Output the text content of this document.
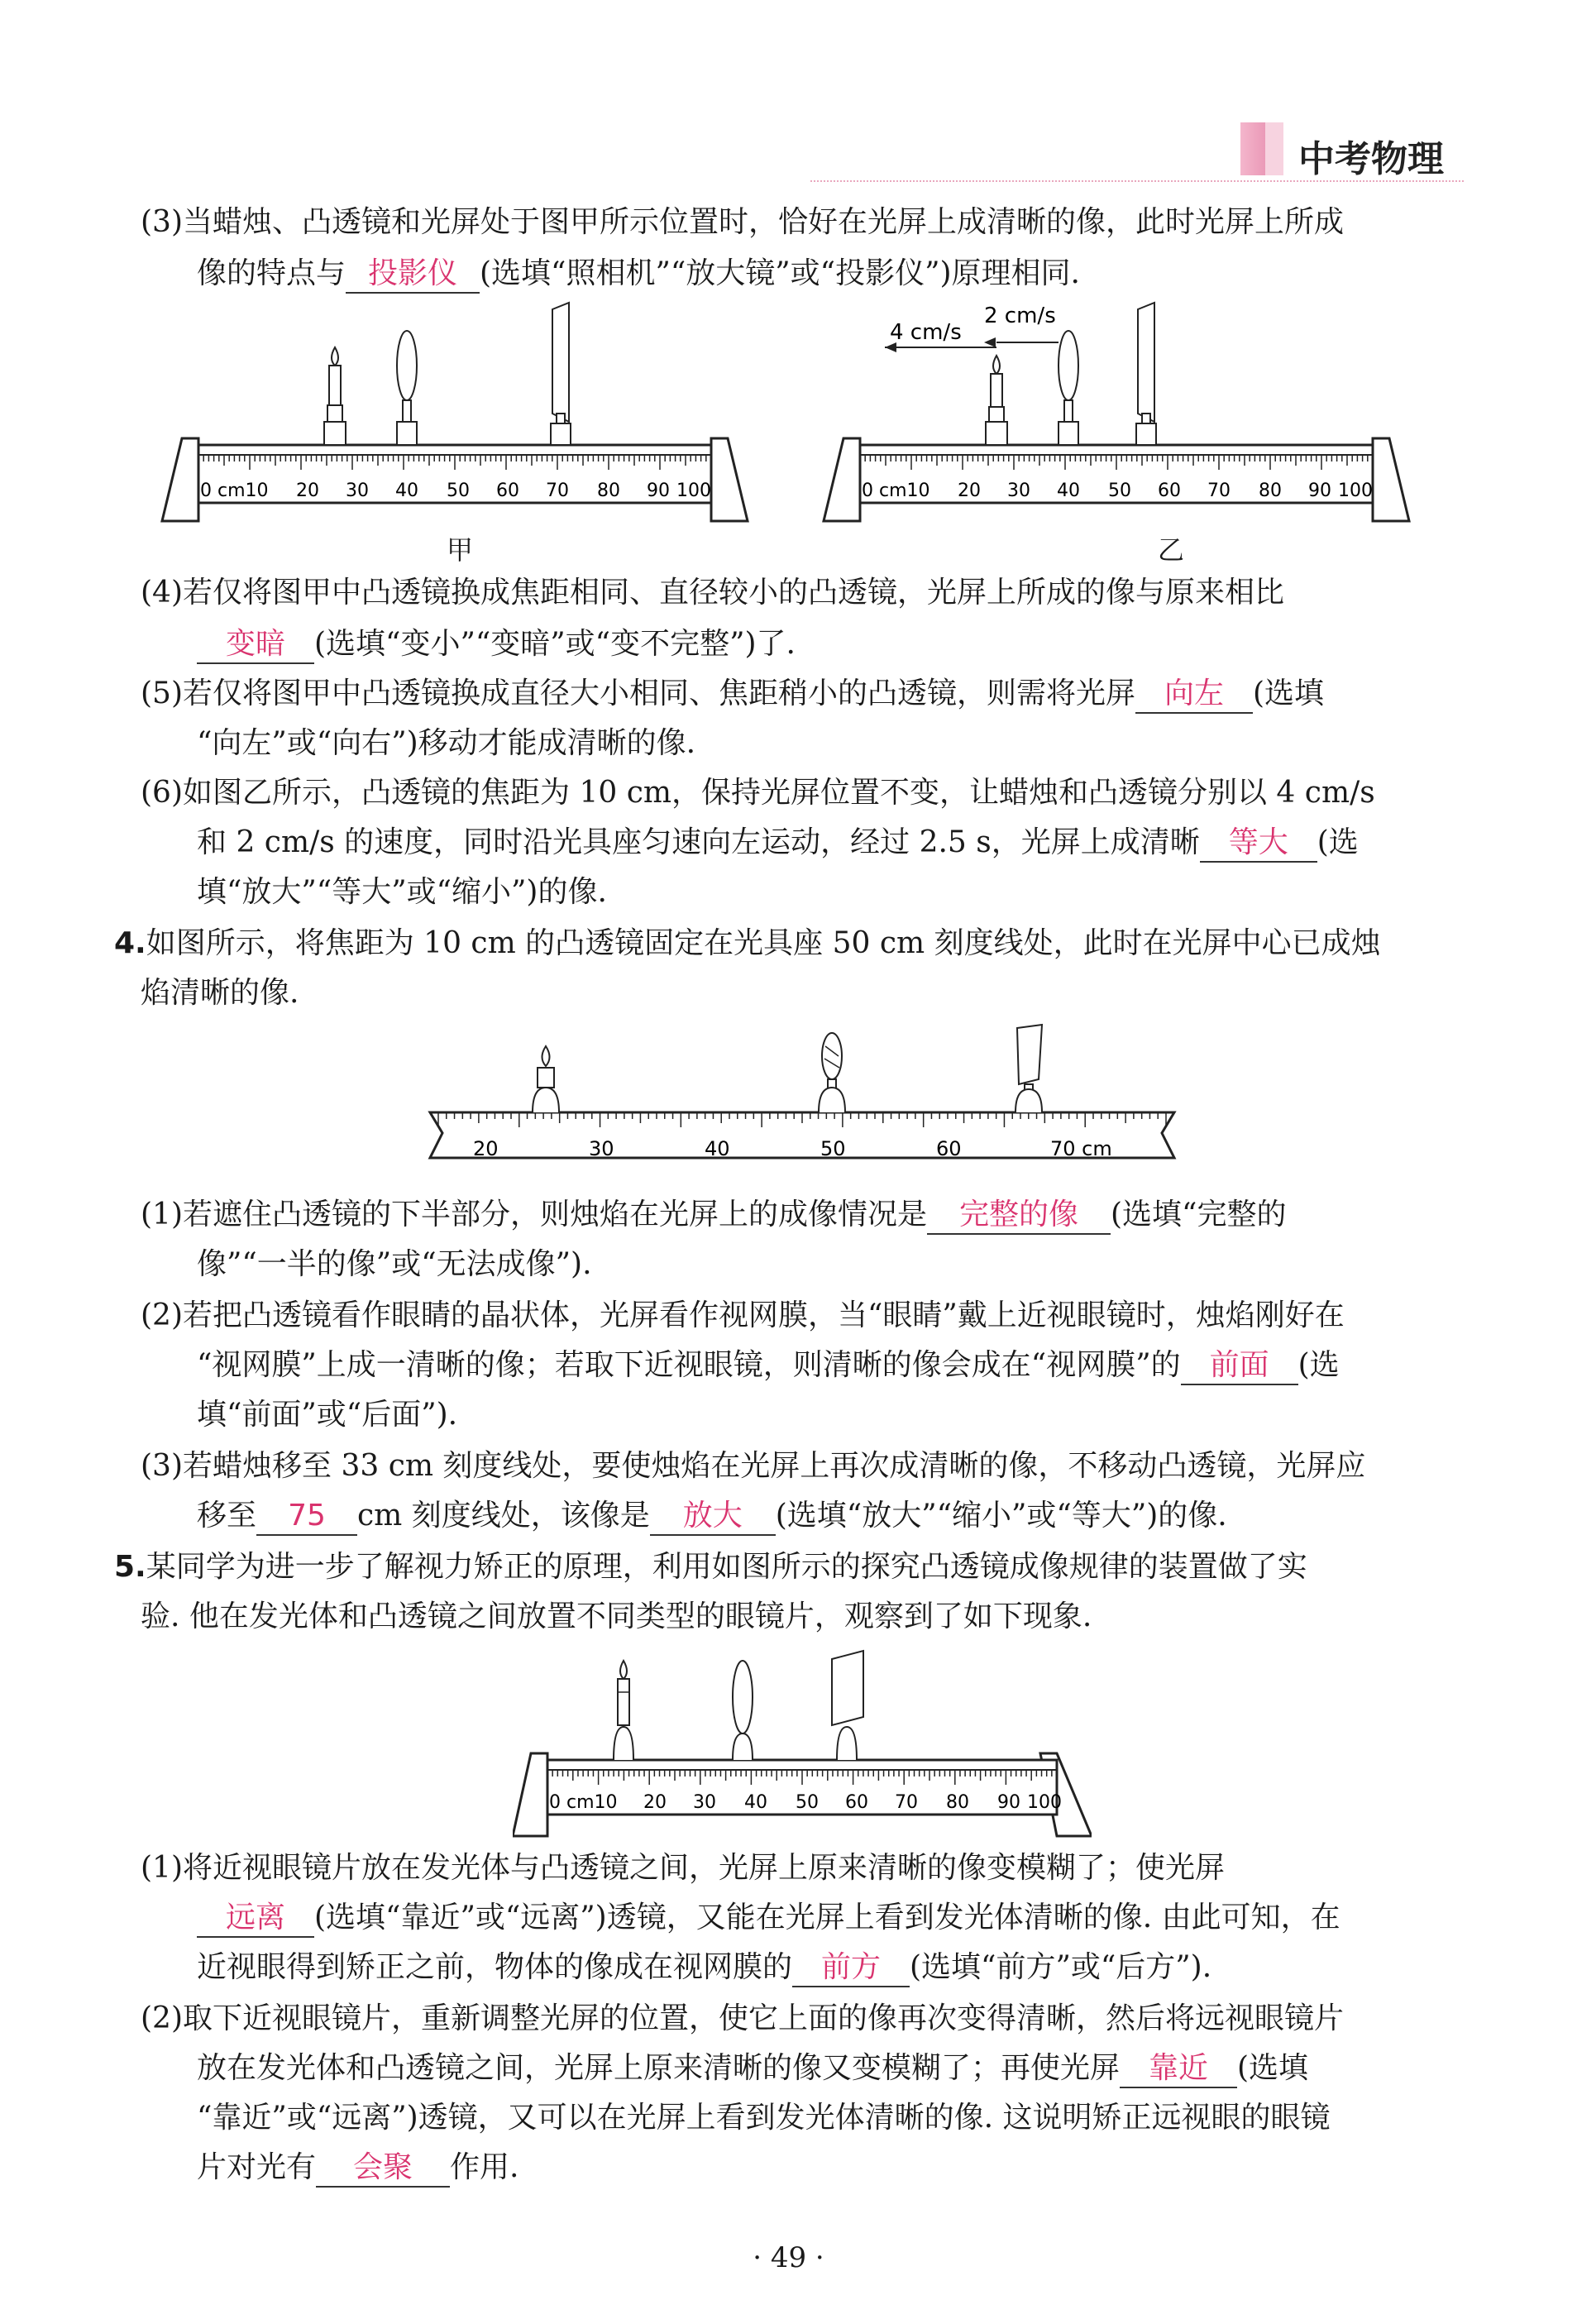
中考物理
(3)当蜡烛、凸透镜和光屏处于图甲所示位置时，恰好在光屏上成清晰的像，此时光屏上所成
像的特点与 投影仪 (选填“照相机”“放大镜”或“投影仪”)原理相同.
0 cm10 20 30 40 50 60 70 80 90 100
甲
0 cm10 20 30 40 50 60 70 80 90 100
4 cm/s
2 cm/s
乙
(4)若仅将图甲中凸透镜换成焦距相同、直径较小的凸透镜，光屏上所成的像与原来相比
变暗 (选填“变小”“变暗”或“变不完整”)了.
(5)若仅将图甲中凸透镜换成直径大小相同、焦距稍小的凸透镜，则需将光屏 向左 (选填
“向左”或“向右”)移动才能成清晰的像.
(6)如图乙所示，凸透镜的焦距为 10 cm，保持光屏位置不变，让蜡烛和凸透镜分别以 4 cm/s
和 2 cm/s 的速度，同时沿光具座匀速向左运动，经过 2.5 s，光屏上成清晰 等大 (选
填“放大”“等大”或“缩小”)的像.
4.如图所示，将焦距为 10 cm 的凸透镜固定在光具座 50 cm 刻度线处，此时在光屏中心已成烛
焰清晰的像.
20	30	40	50	60	70 cm
(1)若遮住凸透镜的下半部分，则烛焰在光屏上的成像情况是 完整的像 (选填“完整的
像”“一半的像”或“无法成像”).
(2)若把凸透镜看作眼睛的晶状体，光屏看作视网膜，当“眼睛”戴上近视眼镜时，烛焰刚好在
“视网膜”上成一清晰的像；若取下近视眼镜，则清晰的像会成在“视网膜”的 前面 (选
填“前面”或“后面”).
(3)若蜡烛移至 33 cm 刻度线处，要使烛焰在光屏上再次成清晰的像，不移动凸透镜，光屏应
移至 75 cm 刻度线处，该像是 放大 (选填“放大”“缩小”或“等大”)的像.
5.某同学为进一步了解视力矫正的原理，利用如图所示的探究凸透镜成像规律的装置做了实
验. 他在发光体和凸透镜之间放置不同类型的眼镜片，观察到了如下现象.
0 cm10 20 30 40 50 60 70 80 90 100
(1)将近视眼镜片放在发光体与凸透镜之间，光屏上原来清晰的像变模糊了；使光屏
远离 (选填“靠近”或“远离”)透镜，又能在光屏上看到发光体清晰的像. 由此可知，在
近视眼得到矫正之前，物体的像成在视网膜的 前方 (选填“前方”或“后方”).
(2)取下近视眼镜片，重新调整光屏的位置，使它上面的像再次变得清晰，然后将远视眼镜片
放在发光体和凸透镜之间，光屏上原来清晰的像又变模糊了；再使光屏 靠近 (选填
“靠近”或“远离”)透镜，又可以在光屏上看到发光体清晰的像. 这说明矫正远视眼的眼镜
片对光有 会聚 作用.
· 49 ·
